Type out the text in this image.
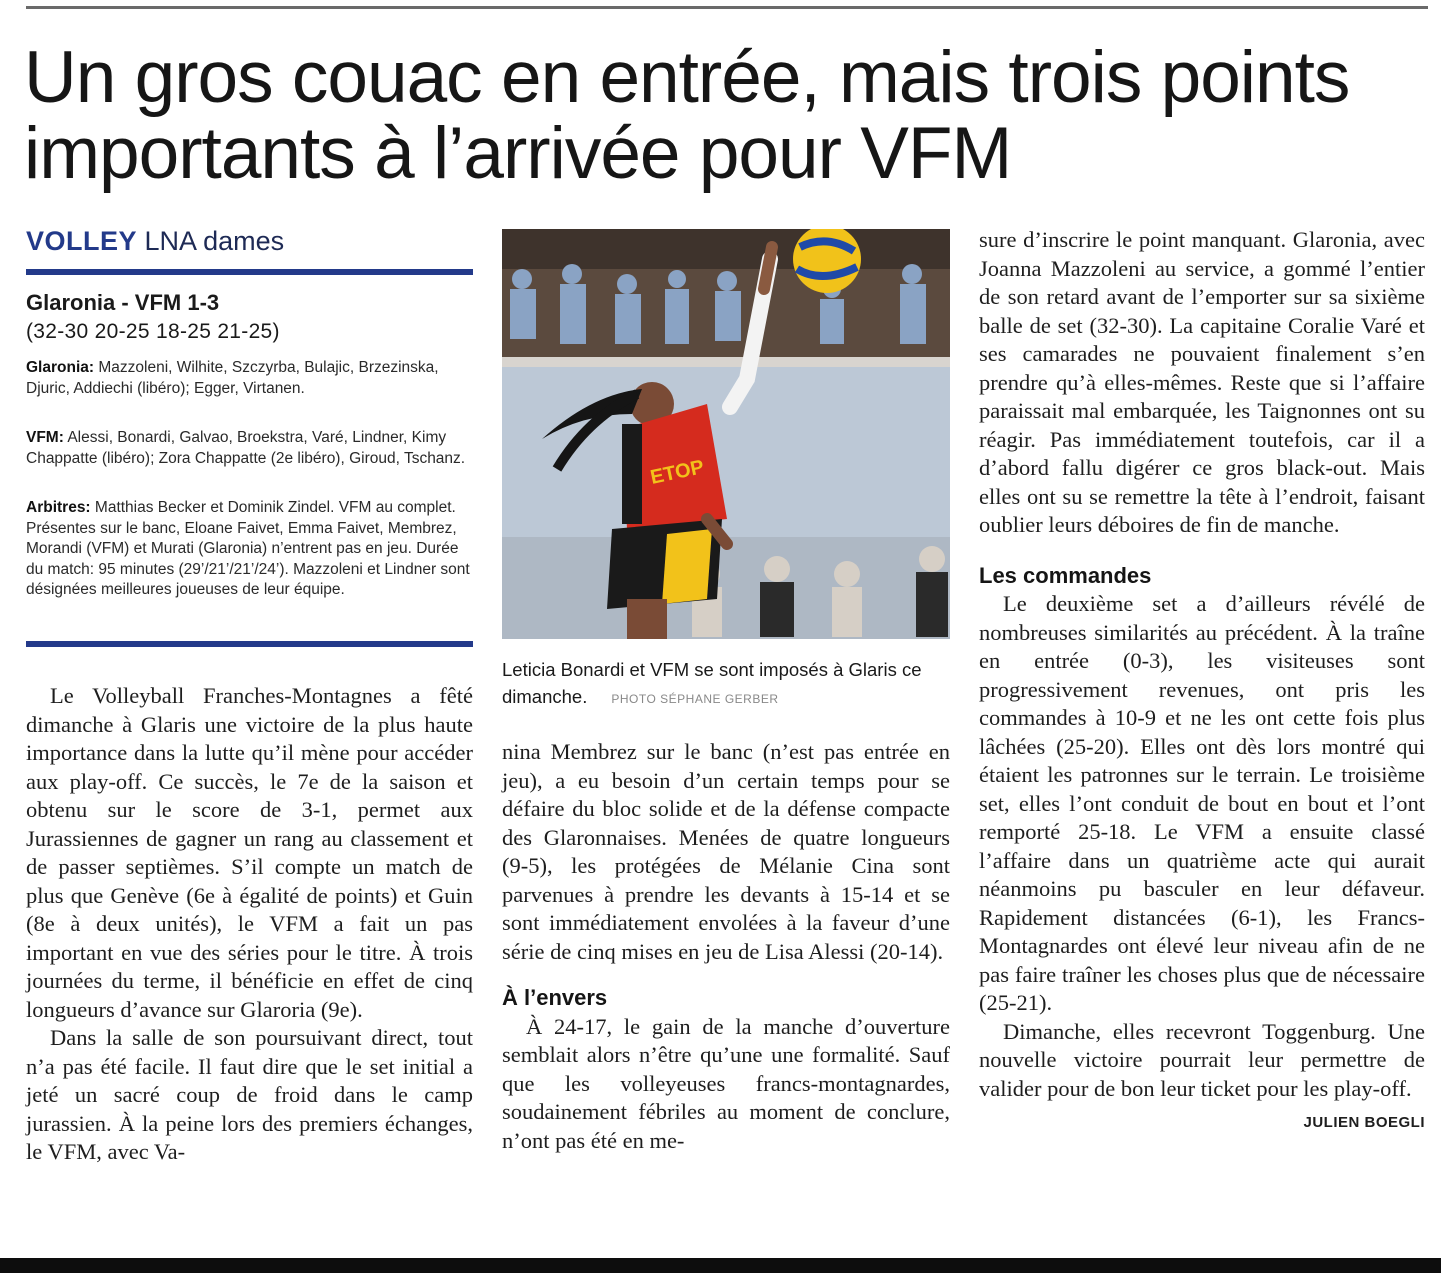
Un gros couac en entrée, mais trois points importants à l’arrivée pour VFM
VOLLEY LNA dames
Glaronia - VFM 1-3
(32-30 20-25 18-25 21-25)

Glaronia: Mazzoleni, Wilhite, Szczyrba, Bulajic, Brzezinska, Djuric, Addiechi (libéro); Egger, Virtanen.

VFM: Alessi, Bonardi, Galvao, Broekstra, Varé, Lindner, Kimy Chappatte (libéro); Zora Chappatte (2e libéro), Giroud, Tschanz.

Arbitres: Matthias Becker et Dominik Zindel. VFM au complet. Présentes sur le banc, Eloane Faivet, Emma Faivet, Membrez, Morandi (VFM) et Murati (Glaronia) n’entrent pas en jeu. Durée du match: 95 minutes (29’/21’/21’/24’). Mazzoleni et Lindner sont désignées meilleures joueuses de leur équipe.

ETOP
Leticia Bonardi et VFM se sont imposés à Glaris ce dimanche. PHOTO SÉPHANE GERBER

Le Volleyball Franches-Montagnes a fêté dimanche à Glaris une victoire de la plus haute importance dans la lutte qu’il mène pour accéder aux play-off. Ce succès, le 7e de la saison et obtenu sur le score de 3-1, permet aux Jurassiennes de gagner un rang au classement et de passer septièmes. S’il compte un match de plus que Genève (6e à égalité de points) et Guin (8e à deux unités), le VFM a fait un pas important en vue des séries pour le titre. À trois journées du terme, il bénéficie en effet de cinq longueurs d’avance sur Glaroria (9e).

Dans la salle de son poursuivant direct, tout n’a pas été facile. Il faut dire que le set initial a jeté un sacré coup de froid dans le camp jurassien. À la peine lors des premiers échanges, le VFM, avec Va-

nina Membrez sur le banc (n’est pas entrée en jeu), a eu besoin d’un certain temps pour se défaire du bloc solide et de la défense compacte des Glaronnaises. Menées de quatre longueurs (9-5), les protégées de Mélanie Cina sont parvenues à prendre les devants à 15-14 et se sont immédiatement envolées à la faveur d’une série de cinq mises en jeu de Lisa Alessi (20-14).

À l’envers

À 24-17, le gain de la manche d’ouverture semblait alors n’être qu’une une formalité. Sauf que les volleyeuses francs-montagnardes, soudainement fébriles au moment de conclure, n’ont pas été en me-

sure d’inscrire le point manquant. Glaronia, avec Joanna Mazzoleni au service, a gommé l’entier de son retard avant de l’emporter sur sa sixième balle de set (32-30). La capitaine Coralie Varé et ses camarades ne pouvaient finalement s’en prendre qu’à elles-mêmes. Reste que si l’affaire paraissait mal embarquée, les Taignonnes ont su réagir. Pas immédiatement toutefois, car il a d’abord fallu digérer ce gros black-out. Mais elles ont su se remettre la tête à l’endroit, faisant oublier leurs déboires de fin de manche.

Les commandes

Le deuxième set a d’ailleurs révélé de nombreuses similarités au précédent. À la traîne en entrée (0-3), les visiteuses sont progressivement revenues, ont pris les commandes à 10-9 et ne les ont cette fois plus lâchées (25-20). Elles ont dès lors montré qui étaient les patronnes sur le terrain. Le troisième set, elles l’ont conduit de bout en bout et l’ont remporté 25-18. Le VFM a ensuite classé l’affaire dans un quatrième acte qui aurait néanmoins pu basculer en leur défaveur. Rapidement distancées (6-1), les Francs-Montagnardes ont élevé leur niveau afin de ne pas faire traîner les choses plus que de nécessaire (25-21).

Dimanche, elles recevront Toggenburg. Une nouvelle victoire pourrait leur permettre de valider pour de bon leur ticket pour les play-off.
JULIEN BOEGLI
